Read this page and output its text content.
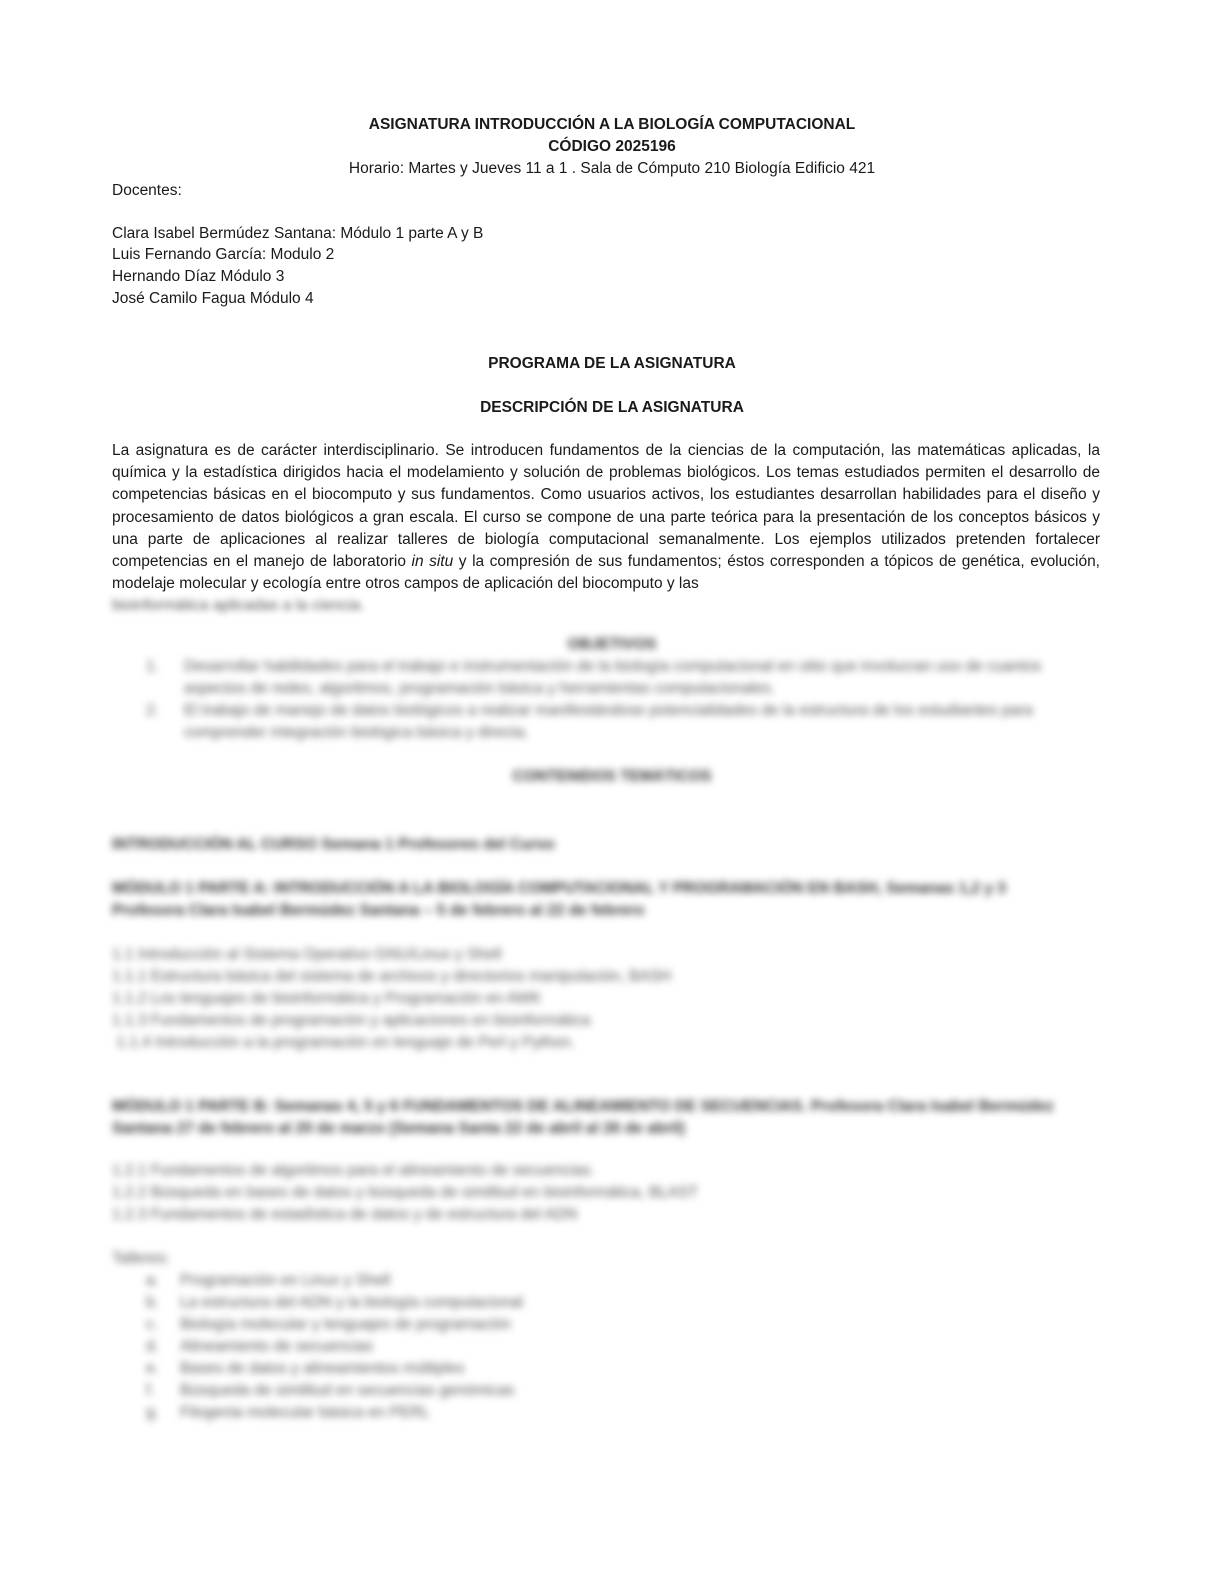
ASIGNATURA INTRODUCCIÓN A LA BIOLOGÍA COMPUTACIONAL
CÓDIGO 2025196
Horario: Martes y Jueves 11 a 1 . Sala de Cómputo 210 Biología Edificio 421
Docentes:
Clara Isabel Bermúdez Santana: Módulo 1 parte A y B
Luis Fernando García: Modulo 2
Hernando Díaz Módulo 3
José Camilo Fagua Módulo 4
PROGRAMA DE LA ASIGNATURA
DESCRIPCIÓN DE LA ASIGNATURA
La asignatura es de carácter interdisciplinario. Se introducen fundamentos de la ciencias de la computación, las matemáticas aplicadas, la química y la estadística dirigidos hacia el modelamiento y solución de problemas biológicos. Los temas estudiados permiten el desarrollo de competencias básicas en el biocomputo y sus fundamentos. Como usuarios activos, los estudiantes desarrollan habilidades para el diseño y procesamiento de datos biológicos a gran escala. El curso se compone de una parte teórica para la presentación de los conceptos básicos y una parte de aplicaciones al realizar talleres de biología computacional semanalmente. Los ejemplos utilizados pretenden fortalecer competencias en el manejo de laboratorio in situ y la compresión de sus fundamentos; éstos corresponden a tópicos de genética, evolución, modelaje molecular y ecología entre otros campos de aplicación del biocomputo y las
bioinformática aplicadas a la ciencia.
OBJETIVOS
1. Desarrollar habilidades para el trabajo e instrumentación de la biología computacional en sitio que involucran uso de cuantos aspectos de redes, algoritmos, programación básica y herramientas computacionales.
2. El trabajo de manejo de datos biológicos a realizar manifestándose potencialidades de la estructura de los estudiantes para comprender integración biológica básica y directa.
CONTENIDOS TEMÁTICOS
INTRODUCCIÓN AL CURSO Semana 1 Profesores del Curso
MÓDULO 1 PARTE A: INTRODUCCIÓN A LA BIOLOGÍA COMPUTACIONAL Y PROGRAMACIÓN EN BASH, Semanas 1,2 y 3 Profesora Clara Isabel Bermúdez Santana – 5 de febrero al 22 de febrero
1.1 Introducción al Sistema Operativo GNU/Linux y Shell
1.1.1 Estructura básica del sistema de archivos y directorios manipulación, BASH
1.1.2 Los lenguajes de bioinformática y Programación en AWK
1.1.3 Fundamentos de programación y aplicaciones en bioinformática
1.1.4 Introducción a la programación en lenguaje de Perl y Python.
MÓDULO 1 PARTE B: Semanas 4, 5 y 6 FUNDAMENTOS DE ALINEAMIENTO DE SECUENCIAS. Profesora Clara Isabel Bermúdez Santana 27 de febrero al 20 de marzo (Semana Santa 22 de abril al 26 de abril)
1.2.1 Fundamentos de algoritmos para el alineamiento de secuencias.
1.2.2 Búsqueda en bases de datos y búsqueda de similitud en bioinformática, BLAST
1.2.3 Fundamentos de estadística de datos y de estructura del ADN
Talleres:
a. Programación en Linux y Shell
b. La estructura del ADN y la biología computacional
c. Biología molecular y lenguajes de programación
d. Alineamiento de secuencias
e. Bases de datos y alineamientos múltiples
f. Búsqueda de similitud en secuencias genómicas
g. Filogenia molecular básica en PERL
